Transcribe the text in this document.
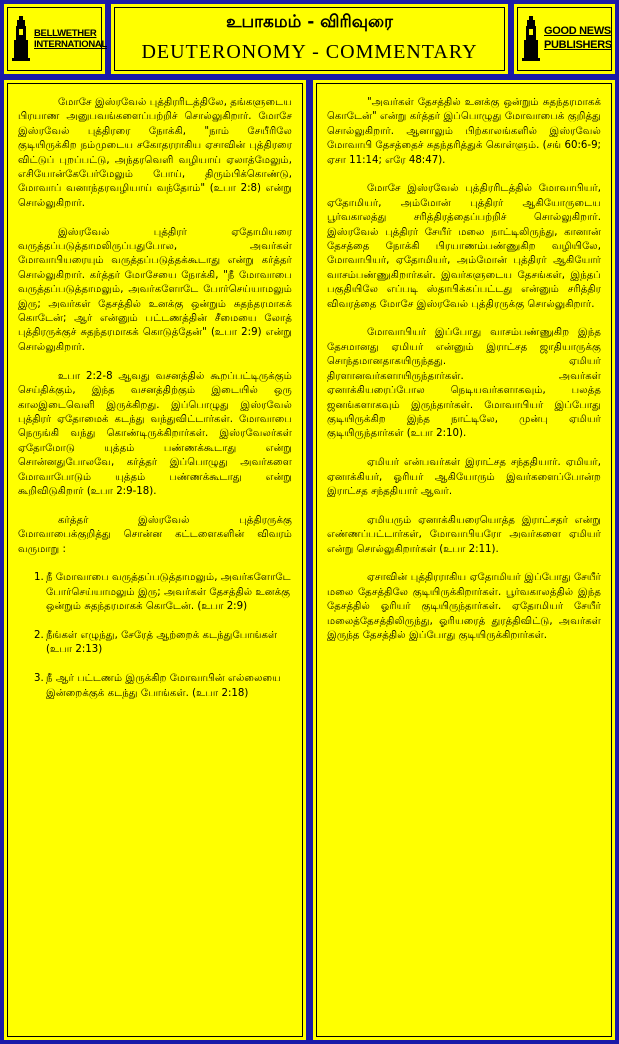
BELLWETHER
INTERNATIONAL
உபாகமம் - விரிவுரை
DEUTERONOMY - COMMENTARY
GOOD NEWS
PUBLISHERS

மோசே இஸ்ரவேல் புத்திரரிடத்திலே, தங்களுடைய பிரயாண அனுபவங்களைப்பற்றிச் சொல்லுகிறார். மோசே இஸ்ரவேல் புத்திரரை நோக்கி, "நாம் சேயீரிலே குடியிருக்கிற நம்முடைய சகோதரராகிய ஏசாவின் புத்திரரை விட்டுப் புறப்பட்டு, அந்தரவெளி வழியாய் ஏலாத்மேலும், எசியோன்கேபேர்மேலும் போய், திரும்பிக்கொண்டு, மோவாப் வனாந்தரவழியாய் வந்தோம்" (உபா 2:8) என்று சொல்லுகிறார்.

இஸ்ரவேல் புத்திரர் ஏதோமியரை வருத்தப்படுத்தாமலிருப்பதுபோல, அவர்கள் மோவாபியரையும் வருத்தப்படுத்தக்கூடாது என்று கர்த்தர் சொல்லுகிறார். கர்த்தர் மோசேயை நோக்கி, "நீ மோவாபை வருத்தப்படுத்தாமலும், அவர்களோடே போர்செய்யாமலும் இரு; அவர்கள் தேசத்தில் உனக்கு ஒன்றும் சுதந்தரமாகக் கொடேன்; ஆர் என்னும் பட்டணத்தின் சீமையை லோத் புத்திரருக்குச் சுதந்தரமாகக் கொடுத்தேன்" (உபா 2:9) என்று சொல்லுகிறார்.

உபா 2:2-8 ஆவது வசனத்தில் கூறப்பட்டிருக்கும் செய்திக்கும், இந்த வசனத்திற்கும் இடையில் ஒரு காலஇடைவெளி இருக்கிறது. இப்பொழுது இஸ்ரவேல் புத்திரர் ஏதோமைக் கடந்து வந்துவிட்டார்கள். மோவாபை நெருங்கி வந்து கொண்டிருக்கிறார்கள். இஸ்ரவேலர்கள் ஏதோமோடு யுத்தம் பண்ணக்கூடாது என்று சொன்னதுபோலவே, கர்த்தர் இப்பொழுது அவர்களை மோவாபோடும் யுத்தம் பண்ணக்கூடாது என்று கூறிவிடுகிறார் (உபா 2:9-18).

கர்த்தர் இஸ்ரவேல் புத்திரருக்கு மோவாபைக்குறித்து சொன்ன கட்டளைகளின் விவரம் வருமாறு :

1. நீ மோவாபை வருத்தப்படுத்தாமலும், அவர்களோடே போர்செய்யாமலும் இரு; அவர்கள் தேசத்தில் உனக்கு ஒன்றும் சுதந்தரமாகக் கொடேன். (உபா 2:9)
2. நீங்கள் எழுந்து, சேரேத் ஆற்றைக் கடந்துபோங்கள் (உபா 2:13)
3. நீ ஆர் பட்டணம் இருக்கிற மோவாபின் எல்லையை இன்றைக்குக் கடந்து போங்கள். (உபா 2:18)

"அவர்கள் தேசத்தில் உனக்கு ஒன்றும் சுதந்தரமாகக் கொடேன்" என்று கர்த்தர் இப்பொழுது மோவாபைக் குறித்து சொல்லுகிறார். ஆனாலும் பிற்காலங்களில் இஸ்ரவேல் மோவாபி தேசத்தைச் சுதந்தரித்துக் கொள்ளும். (சங் 60:6-9; ஏசா 11:14; எரே 48:47).

மோசே இஸ்ரவேல் புத்திரரிடத்தில் மோவாபியர், ஏதோமியர், அம்மோன் புத்திரர் ஆகியோருடைய பூர்வகாலத்து சரித்திரத்தைப்பற்றிச் சொல்லுகிறார். இஸ்ரவேல் புத்திரர் சேயீர் மலை நாட்டிலிருந்து, கானான் தேசத்தை நோக்கி பிரயாணம்பண்ணுகிற வழியிலே, மோவாபியர், ஏதோமியர், அம்மோன் புத்திரர் ஆகியோர் வாசம்பண்ணுகிறார்கள். இவர்களுடைய தேசங்கள், இந்தப் பகுதியிலே எப்படி ஸ்தாபிக்கப்பட்டது என்னும் சரித்திர விவரத்தை மோசே இஸ்ரவேல் புத்திரருக்கு சொல்லுகிறார்.

மோவாபியர் இப்போது வாசம்பண்ணுகிற இந்த தேசமானது ஏமியர் என்னும் இராட்சத ஜாதியாருக்கு சொந்தமானதாகயிருந்தது. ஏமியர் திரளானவர்களாயிருந்தார்கள். அவர்கள் ஏனாக்கியரைப்போல நெடியவர்களாகவும், பலத்த ஜனங்களாகவும் இருந்தார்கள். மோவாபியர் இப்போது குடியிருக்கிற இந்த நாட்டிலே, முன்பு ஏமியர் குடியிருந்தார்கள் (உபா 2:10).

ஏமியர் என்பவர்கள் இராட்சத சந்ததியார். ஏமியர், ஏனாக்கியர், ஓரியர் ஆகியோரும் இவர்களைப்போன்ற இராட்சத சந்ததியார் ஆவர்.

ஏமியரும் ஏனாக்கியரையொத்த இராட்சதர் என்று எண்ணப்பட்டார்கள், மோவாபியரோ அவர்களை ஏமியர் என்று சொல்லுகிறார்கள் (உபா 2:11).

ஏசாவின் புத்திரராகிய ஏதோமியர் இப்போது சேயீர் மலை தேசத்திலே குடியிருக்கிறார்கள். பூர்வகாலத்தில் இந்த தேசத்தில் ஓரியர் குடியிருந்தார்கள். ஏதோமியர் சேயீர் மலைத்தேசத்திலிருந்து, ஓரியரைத் துரத்திவிட்டு, அவர்கள் இருந்த தேசத்தில் இப்போது குடியிருக்கிறார்கள்.
